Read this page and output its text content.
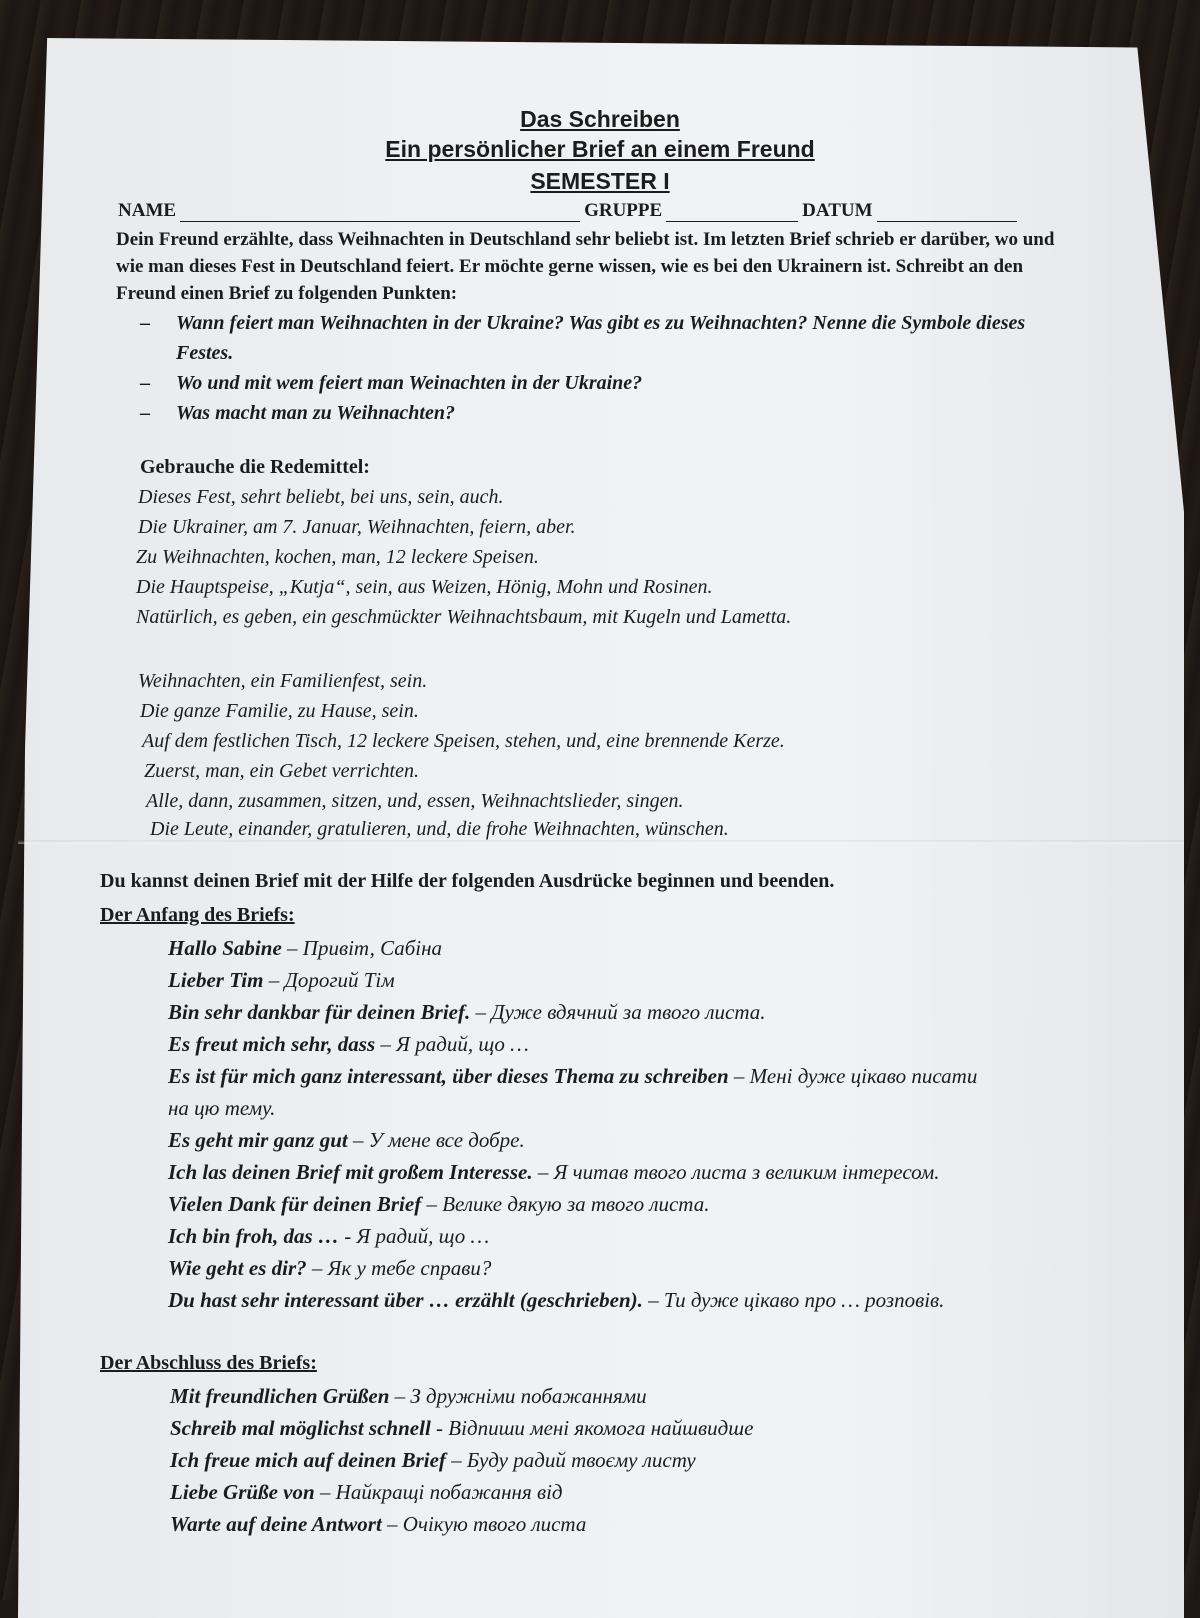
Das Schreiben
Ein persönlicher Brief an einem Freund
SEMESTER I
NAME	GRUPPE	DATUM
Dein Freund erzählte, dass Weihnachten in Deutschland sehr beliebt ist. Im letzten Brief schrieb er darüber, wo und wie man dieses Fest in Deutschland feiert. Er möchte gerne wissen, wie es bei den Ukrainern ist. Schreibt an den Freund einen Brief zu folgenden Punkten:
–	Wann feiert man Weihnachten in der Ukraine? Was gibt es zu Weihnachten? Nenne die Symbole dieses Festes.
–	Wo und mit wem feiert man Weinachten in der Ukraine?
–	Was macht man zu Weihnachten?
Gebrauche die Redemittel:
Dieses Fest, sehrt beliebt, bei uns, sein, auch.
Die Ukrainer, am 7. Januar, Weihnachten, feiern, aber.
Zu Weihnachten, kochen, man, 12 leckere Speisen.
Die Hauptspeise, „Kutja“, sein, aus Weizen, Hönig, Mohn und Rosinen.
Natürlich, es geben, ein geschmückter Weihnachtsbaum, mit Kugeln und Lametta.
Weihnachten, ein Familienfest, sein.
Die ganze Familie, zu Hause, sein.
Auf dem festlichen Tisch, 12 leckere Speisen, stehen, und, eine brennende Kerze.
Zuerst, man, ein Gebet verrichten.
Alle, dann, zusammen, sitzen, und, essen, Weihnachtslieder, singen.
Die Leute, einander, gratulieren, und, die frohe Weihnachten, wünschen.
Du kannst deinen Brief mit der Hilfe der folgenden Ausdrücke beginnen und beenden.
Der Anfang des Briefs:
Hallo Sabine – Привіт, Сабіна
Lieber Tim – Дорогий Тім
Bin sehr dankbar für deinen Brief. – Дуже вдячний за твого листа.
Es freut mich sehr, dass – Я радий, що …
Es ist für mich ganz interessant, über dieses Thema zu schreiben – Мені дуже цікаво писати
на цю тему.
Es geht mir ganz gut – У мене все добре.
Ich las deinen Brief mit großem Interesse. – Я читав твого листа з великим інтересом.
Vielen Dank für deinen Brief – Велике дякую за твого листа.
Ich bin froh, das … - Я радий, що …
Wie geht es dir? – Як у тебе справи?
Du hast sehr interessant über … erzählt (geschrieben). – Ти дуже цікаво про … розповів.
Der Abschluss des Briefs:
Mit freundlichen Grüßen – З дружніми побажаннями
Schreib mal möglichst schnell - Відпиши мені якомога найшвидше
Ich freue mich auf deinen Brief – Буду радий твоєму листу
Liebe Grüße von – Найкращі побажання від
Warte auf deine Antwort – Очікую твого листа
